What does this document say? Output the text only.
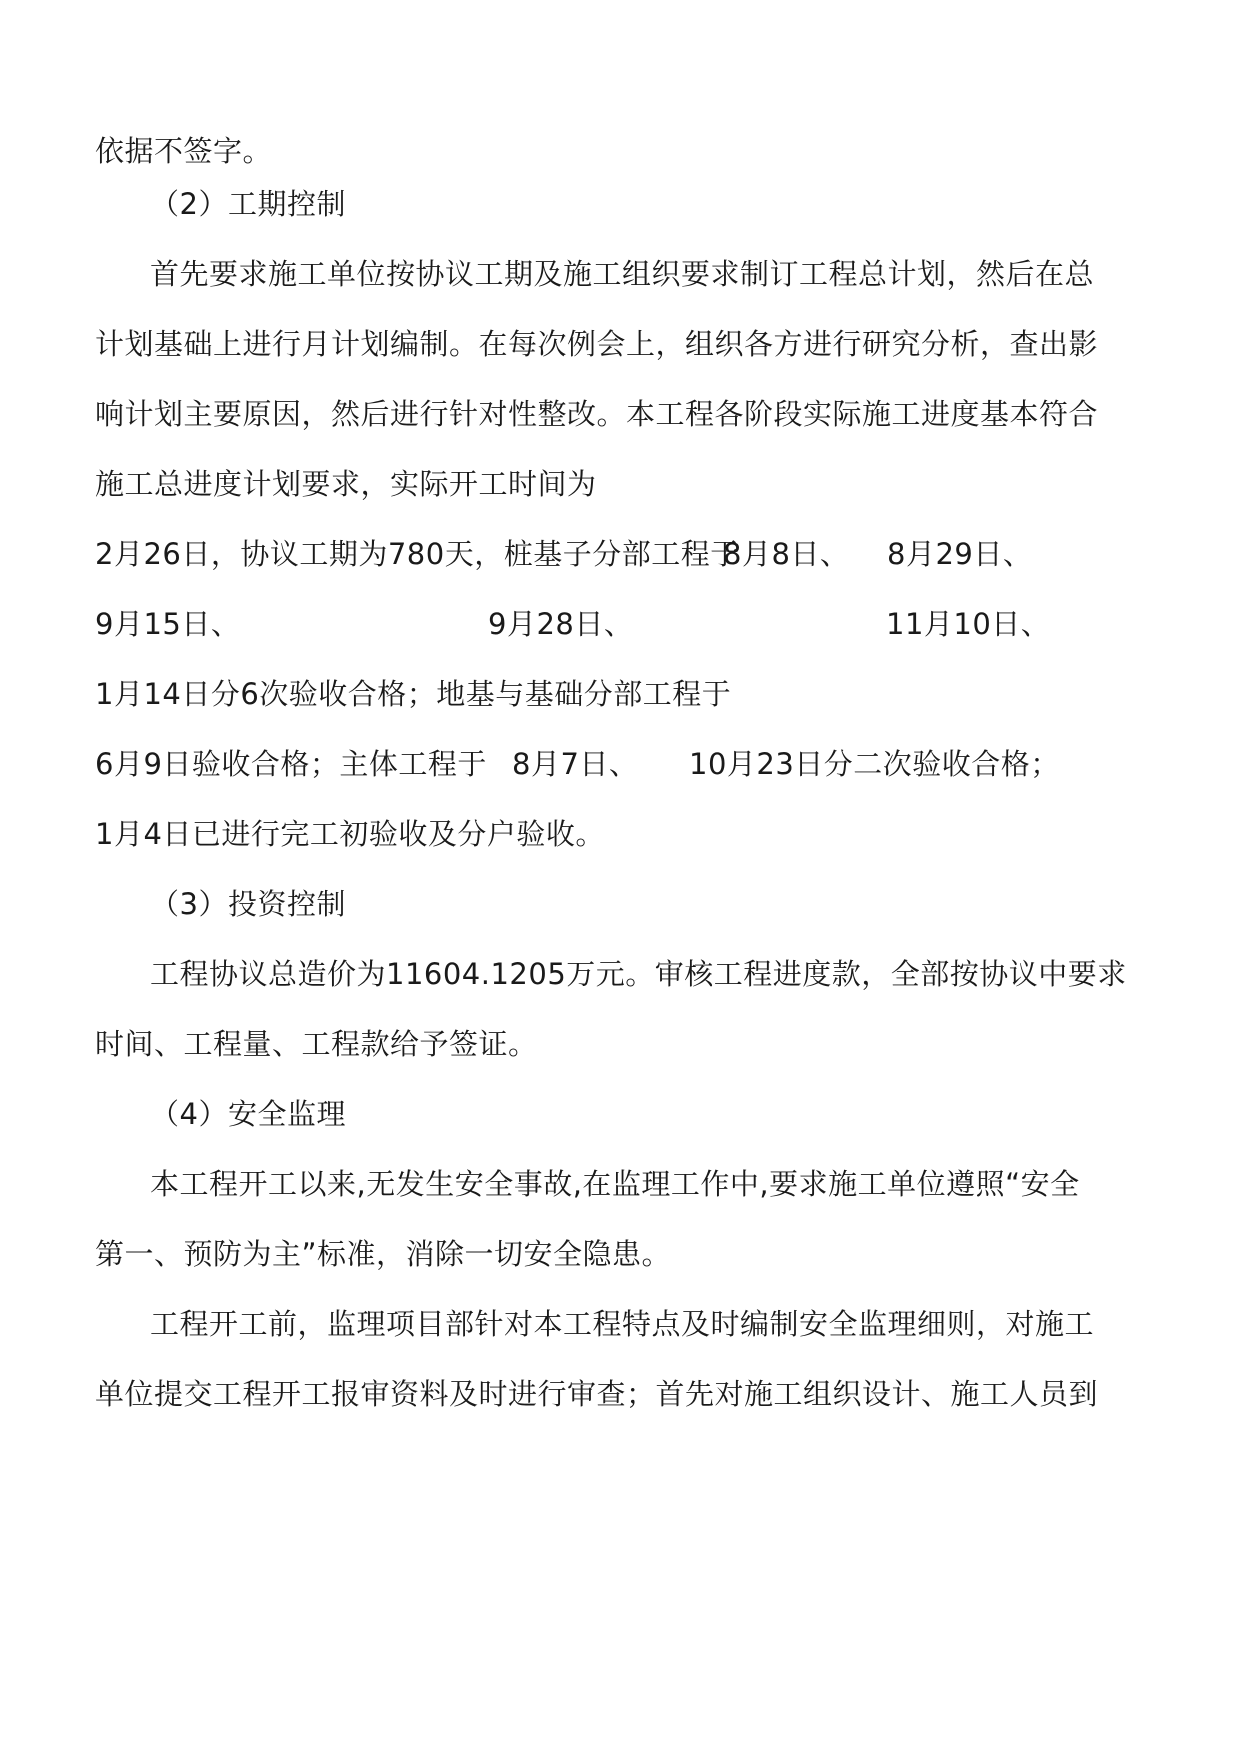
依据不签字。
（2）工期控制
首先要求施工单位按协议工期及施工组织要求制订工程总计划，然后在总
计划基础上进行月计划编制。在每次例会上，组织各方进行研究分析，查出影
响计划主要原因，然后进行针对性整改。本工程各阶段实际施工进度基本符合
施工总进度计划要求，实际开工时间为
2月26日，协议工期为780天，桩基子分部工程于
8月8日、 8月29日、
9月15日、	9月28日、	11月10日、
1月14日分6次验收合格；地基与基础分部工程于
6月9日验收合格；主体工程于 8月7日、 10月23日分二次验收合格；
1月4日已进行完工初验收及分户验收。
（3）投资控制
工程协议总造价为11604.1205万元。审核工程进度款，全部按协议中要求
时间、工程量、工程款给予签证。
（4）安全监理
本工程开工以来,无发生安全事故,在监理工作中,要求施工单位遵照“安全
第一、预防为主”标准，消除一切安全隐患。
工程开工前，监理项目部针对本工程特点及时编制安全监理细则，对施工
单位提交工程开工报审资料及时进行审查；首先对施工组织设计、施工人员到
